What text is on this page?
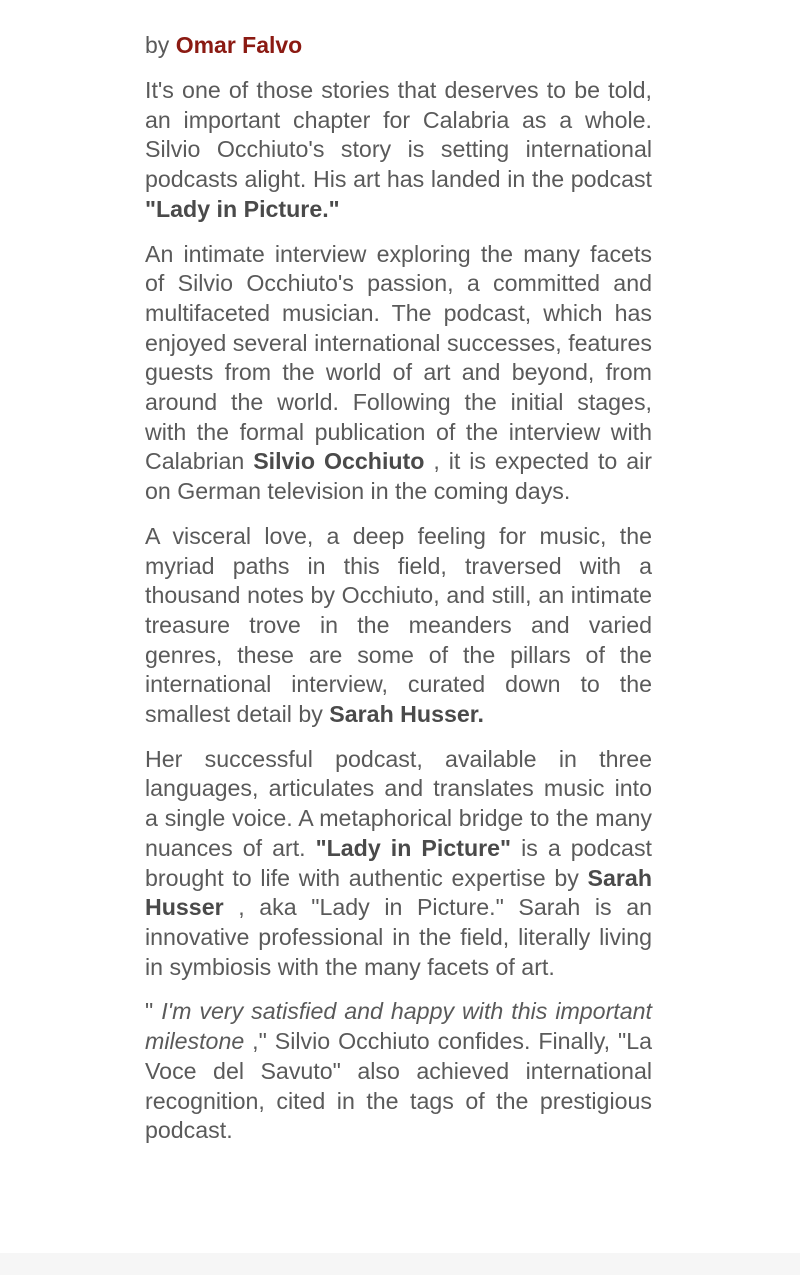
by Omar Falvo

It's one of those stories that deserves to be told, an important chapter for Calabria as a whole. Silvio Occhiuto's story is setting international podcasts alight. His art has landed in the podcast "Lady in Picture."

An intimate interview exploring the many facets of Silvio Occhiuto's passion, a committed and multifaceted musician. The podcast, which has enjoyed several international successes, features guests from the world of art and beyond, from around the world. Following the initial stages, with the formal publication of the interview with Calabrian Silvio Occhiuto , it is expected to air on German television in the coming days.

A visceral love, a deep feeling for music, the myriad paths in this field, traversed with a thousand notes by Occhiuto, and still, an intimate treasure trove in the meanders and varied genres, these are some of the pillars of the international interview, curated down to the smallest detail by Sarah Husser.

Her successful podcast, available in three languages, articulates and translates music into a single voice. A metaphorical bridge to the many nuances of art. "Lady in Picture" is a podcast brought to life with authentic expertise by Sarah Husser , aka "Lady in Picture." Sarah is an innovative professional in the field, literally living in symbiosis with the many facets of art.

" I'm very satisfied and happy with this important milestone ," Silvio Occhiuto confides. Finally, "La Voce del Savuto" also achieved international recognition, cited in the tags of the prestigious podcast.
